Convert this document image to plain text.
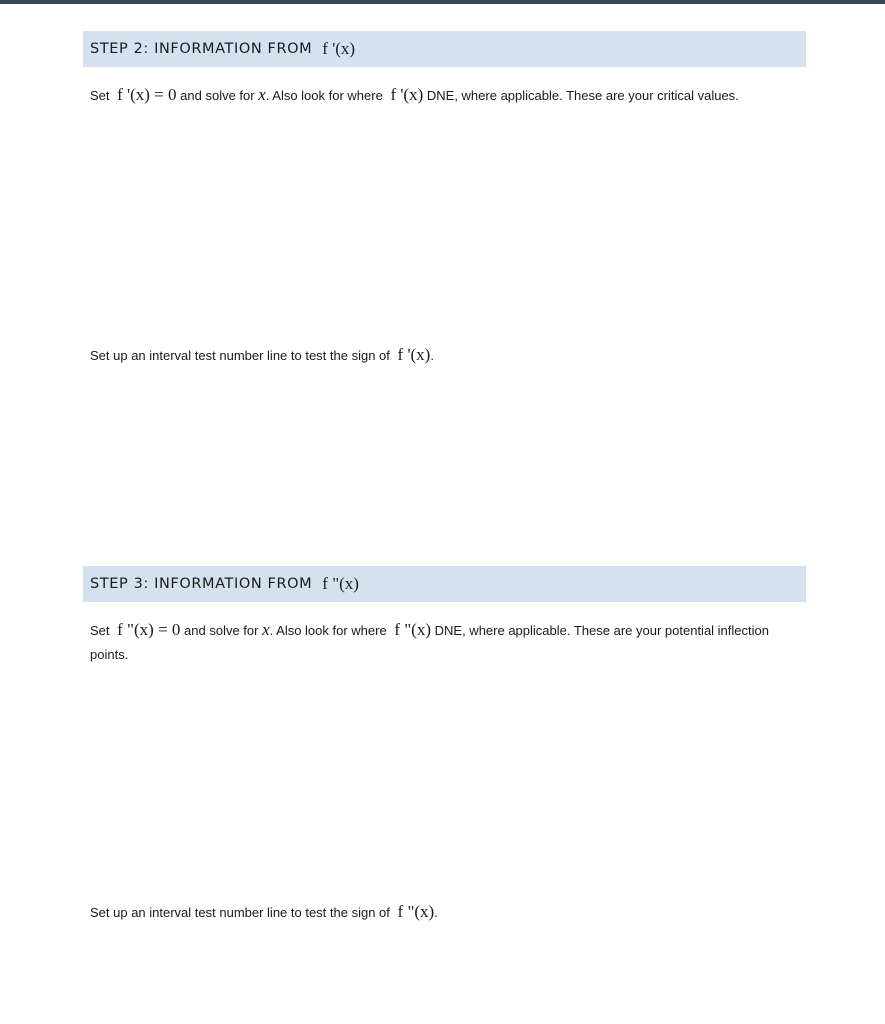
STEP 2: INFORMATION FROM f '(x)
Set f '(x) = 0 and solve for x. Also look for where f '(x) DNE, where applicable. These are your critical values.
Set up an interval test number line to test the sign of f '(x).
STEP 3: INFORMATION FROM f "(x)
Set f "(x) = 0 and solve for x. Also look for where f "(x) DNE, where applicable. These are your potential inflection points.
Set up an interval test number line to test the sign of f "(x).
